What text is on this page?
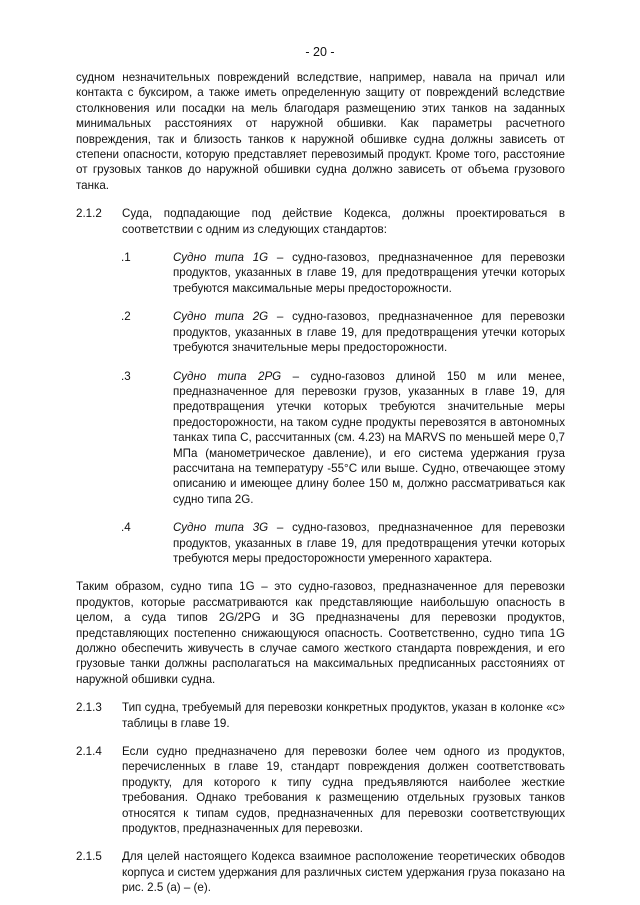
- 20 -

судном незначительных повреждений вследствие, например, навала на причал или контакта с буксиром, а также иметь определенную защиту от повреждений вследствие столкновения или посадки на мель благодаря размещению этих танков на заданных минимальных расстояниях от наружной обшивки. Как параметры расчетного повреждения, так и близость танков к наружной обшивке судна должны зависеть от степени опасности, которую представляет перевозимый продукт. Кроме того, расстояние от грузовых танков до наружной обшивки судна должно зависеть от объема грузового танка.

2.1.2	Суда, подпадающие под действие Кодекса, должны проектироваться в соответствии с одним из следующих стандартов:

.1	Судно типа 1G – судно-газовоз, предназначенное для перевозки продуктов, указанных в главе 19, для предотвращения утечки которых требуются максимальные меры предосторожности.

.2	Судно типа 2G – судно-газовоз, предназначенное для перевозки продуктов, указанных в главе 19, для предотвращения утечки которых требуются значительные меры предосторожности.

.3	Судно типа 2PG – судно-газовоз длиной 150 м или менее, предназначенное для перевозки грузов, указанных в главе 19, для предотвращения утечки которых требуются значительные меры предосторожности, на таком судне продукты перевозятся в автономных танках типа С, рассчитанных (см. 4.23) на MARVS по меньшей мере 0,7 МПа (манометрическое давление), и его система удержания груза рассчитана на температуру -55°С или выше. Судно, отвечающее этому описанию и имеющее длину более 150 м, должно рассматриваться как судно типа 2G.

.4	Судно типа 3G – судно-газовоз, предназначенное для перевозки продуктов, указанных в главе 19, для предотвращения утечки которых требуются меры предосторожности умеренного характера.

Таким образом, судно типа 1G – это судно-газовоз, предназначенное для перевозки продуктов, которые рассматриваются как представляющие наибольшую опасность в целом, а суда типов 2G/2PG и 3G предназначены для перевозки продуктов, представляющих постепенно снижающуюся опасность. Соответственно, судно типа 1G должно обеспечить живучесть в случае самого жесткого стандарта повреждения, и его грузовые танки должны располагаться на максимальных предписанных расстояниях от наружной обшивки судна.

2.1.3	Тип судна, требуемый для перевозки конкретных продуктов, указан в колонке «с» таблицы в главе 19.

2.1.4	Если судно предназначено для перевозки более чем одного из продуктов, перечисленных в главе 19, стандарт повреждения должен соответствовать продукту, для которого к типу судна предъявляются наиболее жесткие требования. Однако требования к размещению отдельных грузовых танков относятся к типам судов, предназначенных для перевозки соответствующих продуктов, предназначенных для перевозки.

2.1.5	Для целей настоящего Кодекса взаимное расположение теоретических обводов корпуса и систем удержания для различных систем удержания груза показано на рис. 2.5 (a) – (e).
